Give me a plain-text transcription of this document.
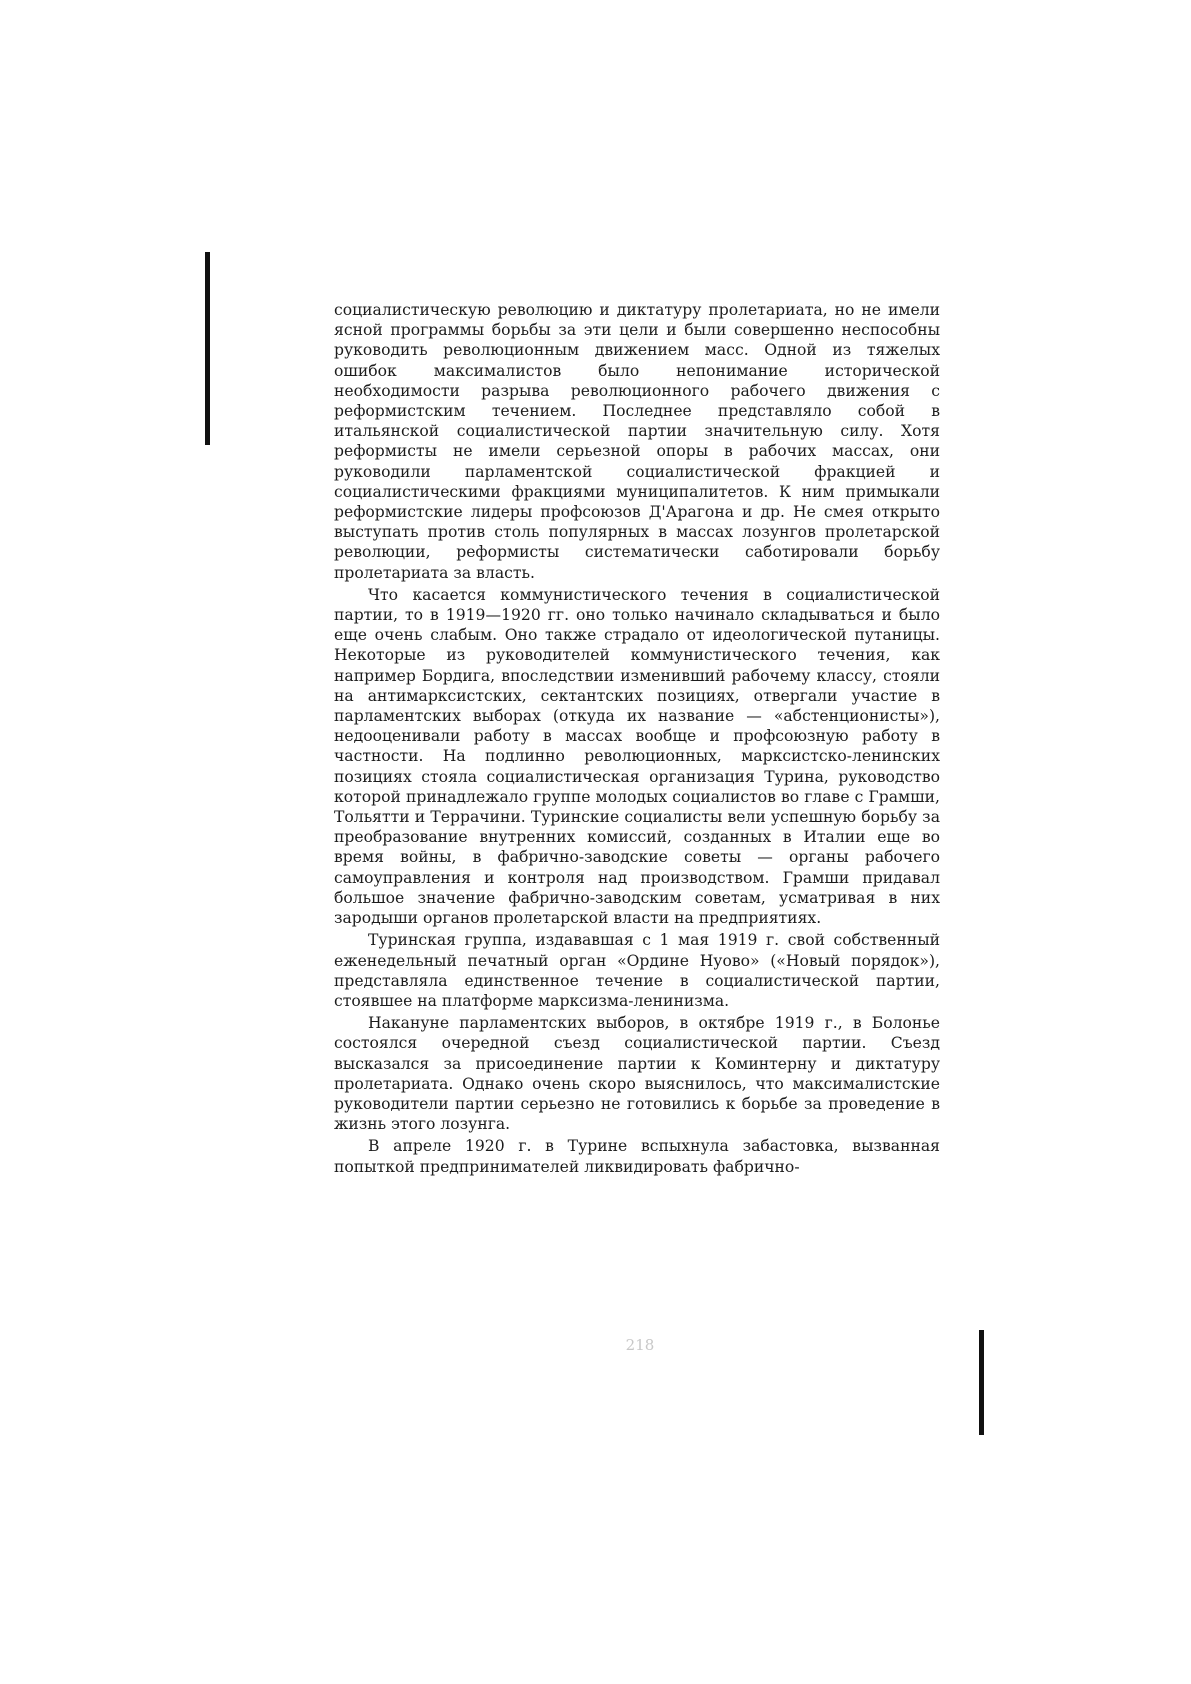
социалистическую революцию и диктатуру пролетариата, но не имели ясной программы борьбы за эти цели и были совершенно неспособны руководить революционным движением масс. Одной из тяжелых ошибок максималистов было непонимание исторической необходимости разрыва революционного рабочего движения с реформистским течением. Последнее представляло собой в итальянской социалистической партии значительную силу. Хотя реформисты не имели серьезной опоры в рабочих массах, они руководили парламентской социалистической фракцией и социалистическими фракциями муниципалитетов. К ним примыкали реформистские лидеры профсоюзов Д'Арагона и др. Не смея открыто выступать против столь популярных в массах лозунгов пролетарской революции, реформисты систематически саботировали борьбу пролетариата за власть.

Что касается коммунистического течения в социалистической партии, то в 1919—1920 гг. оно только начинало складываться и было еще очень слабым. Оно также страдало от идеологической путаницы. Некоторые из руководителей коммунистического течения, как например Бордига, впоследствии изменивший рабочему классу, стояли на антимарксистских, сектантских позициях, отвергали участие в парламентских выборах (откуда их название — «абстенционисты»), недооценивали работу в массах вообще и профсоюзную работу в частности. На подлинно революционных, марксистско-ленинских позициях стояла социалистическая организация Турина, руководство которой принадлежало группе молодых социалистов во главе с Грамши, Тольятти и Террачини. Туринские социалисты вели успешную борьбу за преобразование внутренних комиссий, созданных в Италии еще во время войны, в фабрично-заводские советы — органы рабочего самоуправления и контроля над производством. Грамши придавал большое значение фабрично-заводским советам, усматривая в них зародыши органов пролетарской власти на предприятиях.

Туринская группа, издававшая с 1 мая 1919 г. свой собственный еженедельный печатный орган «Ордине Нуово» («Новый порядок»), представляла единственное течение в социалистической партии, стоявшее на платформе марксизма-ленинизма.

Накануне парламентских выборов, в октябре 1919 г., в Болонье состоялся очередной съезд социалистической партии. Съезд высказался за присоединение партии к Коминтерну и диктатуру пролетариата. Однако очень скоро выяснилось, что максималистские руководители партии серьезно не готовились к борьбе за проведение в жизнь этого лозунга.

В апреле 1920 г. в Турине вспыхнула забастовка, вызванная попыткой предпринимателей ликвидировать фабрично-

218
